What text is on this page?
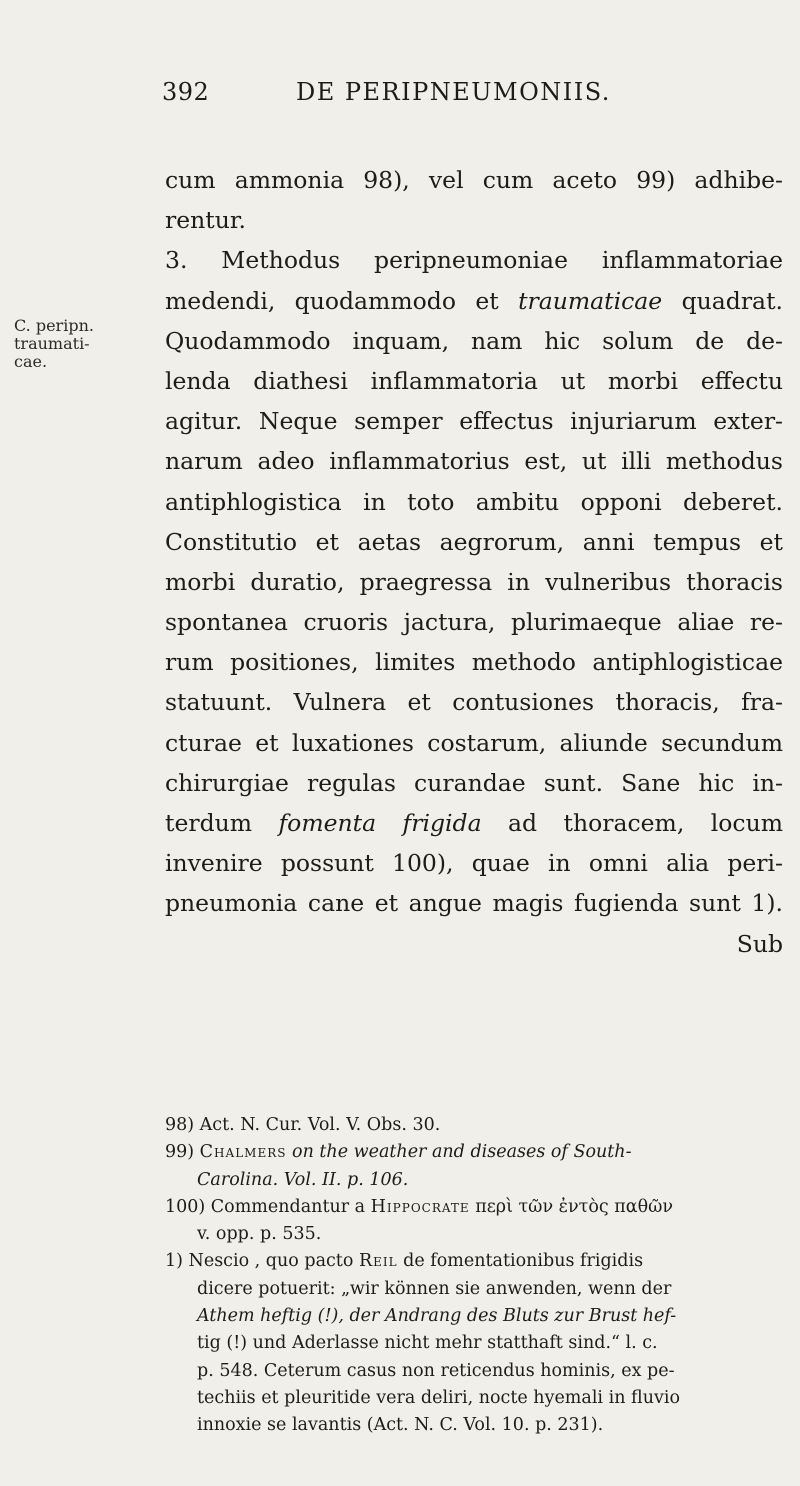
392	DE PERIPNEUMONIIS.
C. peripn.
traumati-
cae.
cum ammonia 98), vel cum aceto 99) adhibe-
rentur.
3. Methodus peripneumoniae inflammatoriae
medendi, quodammodo et traumaticae quadrat.
Quodammodo inquam, nam hic solum de de-
lenda diathesi inflammatoria ut morbi effectu
agitur. Neque semper effectus injuriarum exter-
narum adeo inflammatorius est, ut illi methodus
antiphlogistica in toto ambitu opponi deberet.
Constitutio et aetas aegrorum, anni tempus et
morbi duratio, praegressa in vulneribus thoracis
spontanea cruoris jactura, plurimaeque aliae re-
rum positiones, limites methodo antiphlogisticae
statuunt. Vulnera et contusiones thoracis, fra-
cturae et luxationes costarum, aliunde secundum
chirurgiae regulas curandae sunt. Sane hic in-
terdum fomenta frigida ad thoracem, locum
invenire possunt 100), quae in omni alia peri-
pneumonia cane et angue magis fugienda sunt 1).
Sub
98) Act. N. Cur. Vol. V. Obs. 30.
99) Chalmers on the weather and diseases of South-
Carolina. Vol. II. p. 106.
100) Commendantur a Hippocrate περὶ τῶν ἐντὸς παθῶν
v. opp. p. 535.
1) Nescio , quo pacto Reil de fomentationibus frigidis
dicere potuerit: „wir können sie anwenden, wenn der
Athem heftig (!), der Andrang des Bluts zur Brust hef-
tig (!) und Aderlasse nicht mehr statthaft sind.“ l. c.
p. 548. Ceterum casus non reticendus hominis, ex pe-
techiis et pleuritide vera deliri, nocte hyemali in fluvio
innoxie se lavantis (Act. N. C. Vol. 10. p. 231).
